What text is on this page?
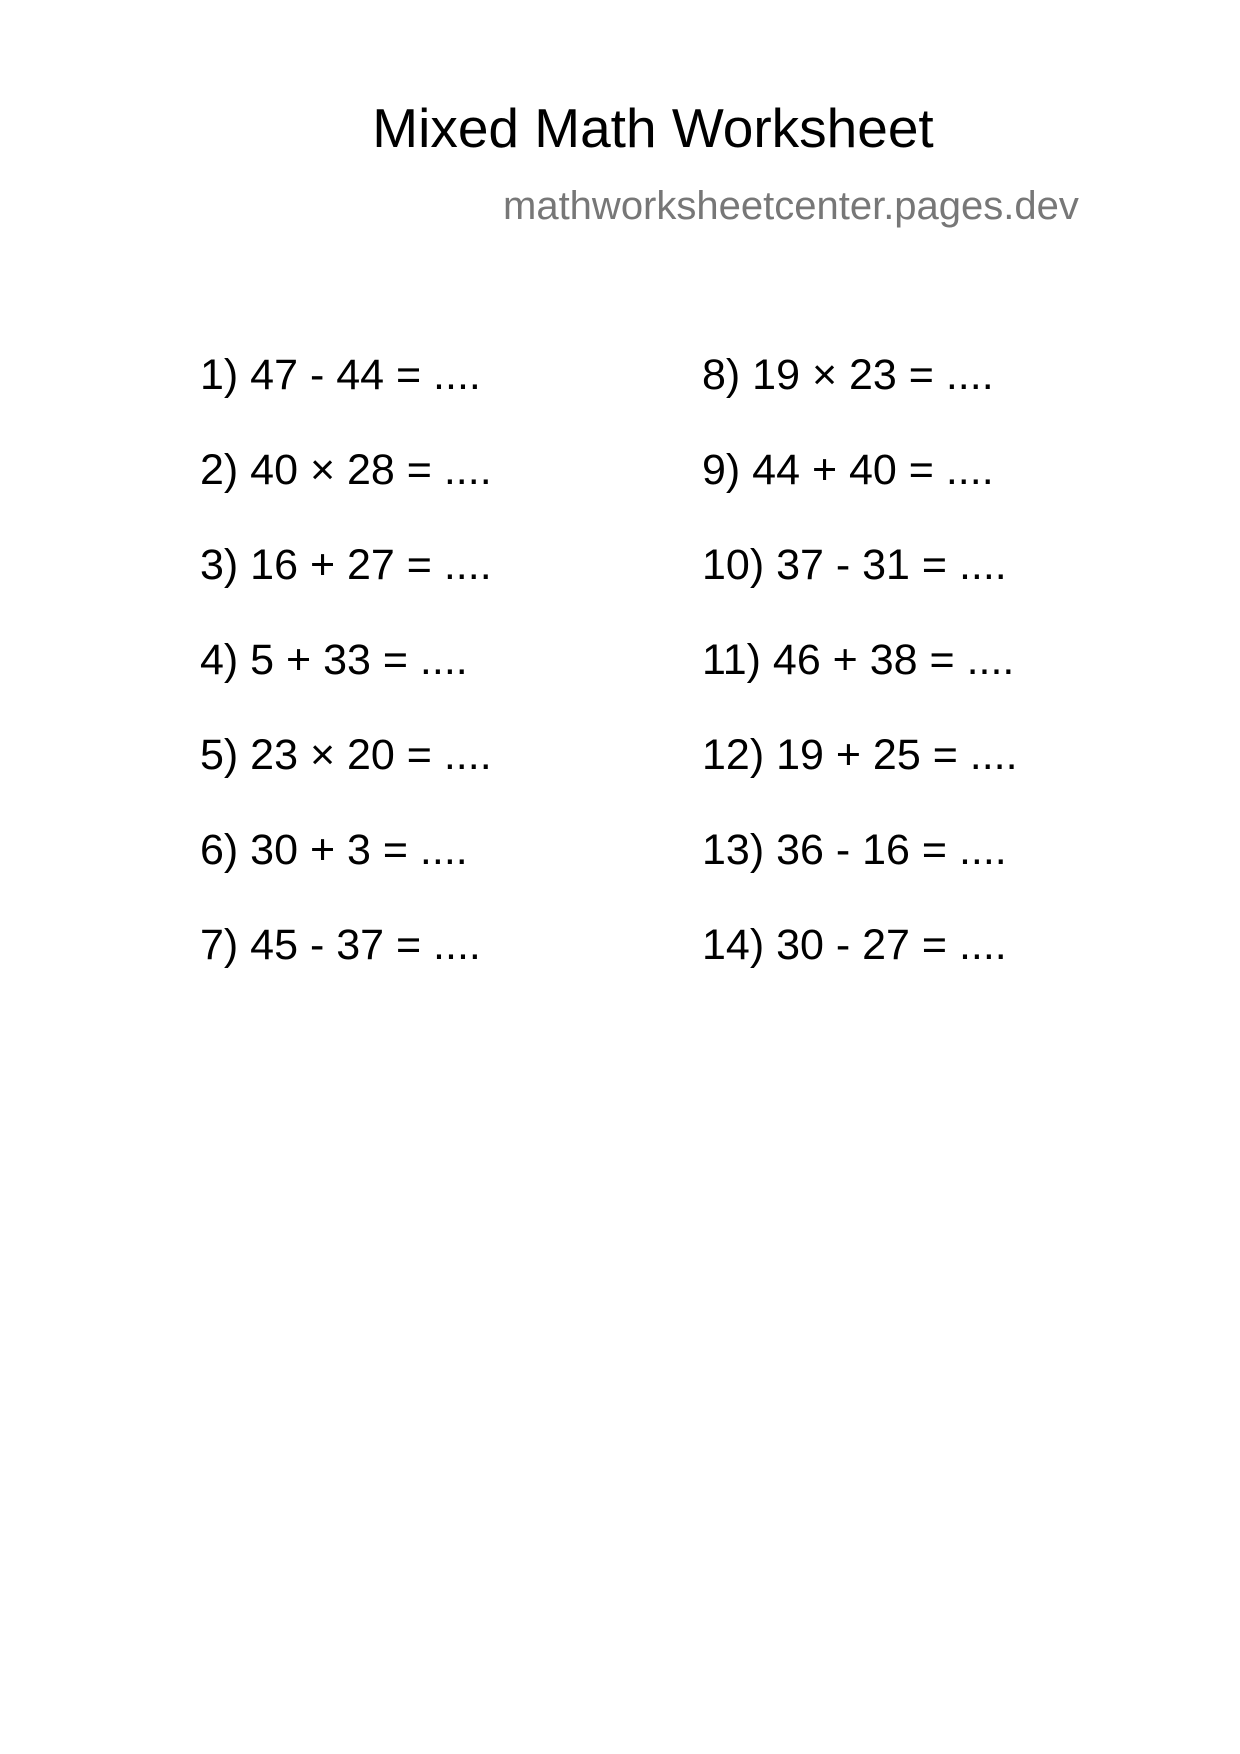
Mixed Math Worksheet
mathworksheetcenter.pages.dev
1) 47 - 44 = ....
2) 40 × 28 = ....
3) 16 + 27 = ....
4) 5 + 33 = ....
5) 23 × 20 = ....
6) 30 + 3 = ....
7) 45 - 37 = ....
8) 19 × 23 = ....
9) 44 + 40 = ....
10) 37 - 31 = ....
11) 46 + 38 = ....
12) 19 + 25 = ....
13) 36 - 16 = ....
14) 30 - 27 = ....
